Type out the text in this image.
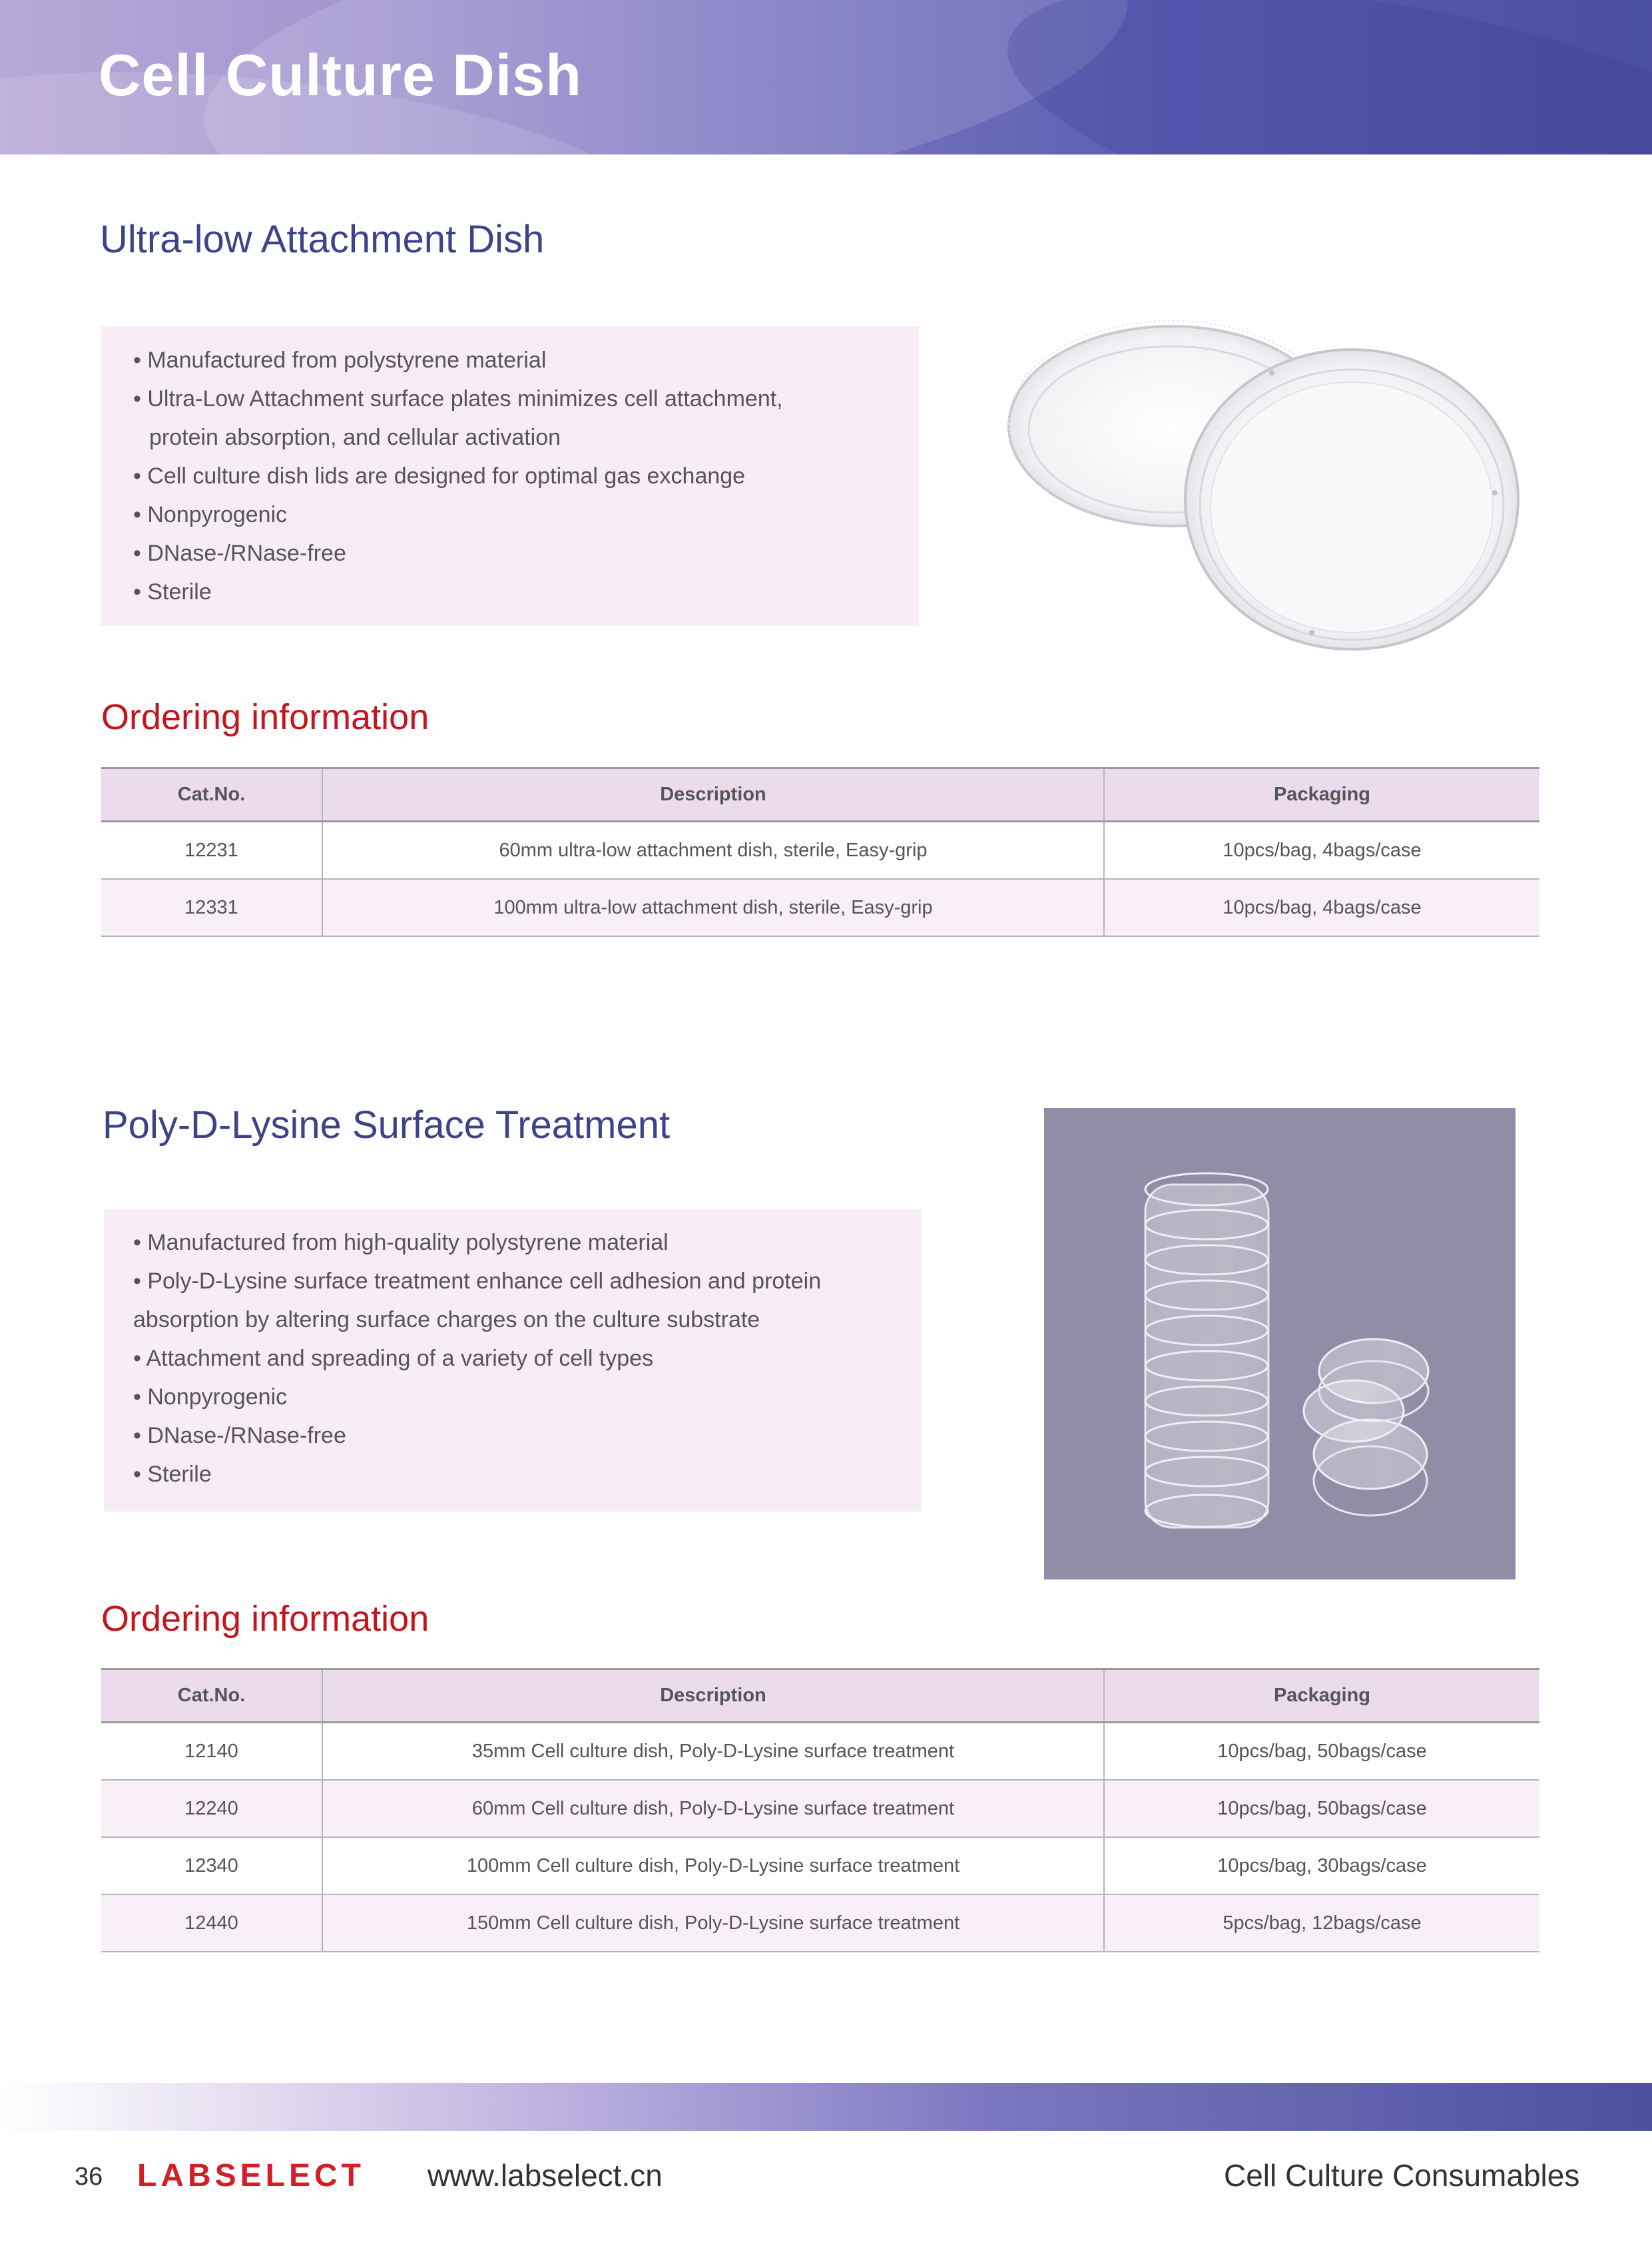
Cell Culture Dish
Ultra-low Attachment Dish
• Manufactured from polystyrene material
• Ultra-Low Attachment surface plates minimizes cell attachment,
protein absorption, and cellular activation
• Cell culture dish lids are designed for optimal gas exchange
• Nonpyrogenic
• DNase-/RNase-free
• Sterile
Ordering information
Cat.No.	Description	Packaging
12231	60mm ultra-low attachment dish, sterile, Easy-grip	10pcs/bag, 4bags/case
12331	100mm ultra-low attachment dish, sterile, Easy-grip	10pcs/bag, 4bags/case
Poly-D-Lysine Surface Treatment
• Manufactured from high-quality polystyrene material
• Poly-D-Lysine surface treatment enhance cell adhesion and protein
absorption by altering surface charges on the culture substrate
• Attachment and spreading of a variety of cell types
• Nonpyrogenic
• DNase-/RNase-free
• Sterile
Ordering information
Cat.No.	Description	Packaging
12140	35mm Cell culture dish, Poly-D-Lysine surface treatment	10pcs/bag, 50bags/case
12240	60mm Cell culture dish, Poly-D-Lysine surface treatment	10pcs/bag, 50bags/case
12340	100mm Cell culture dish, Poly-D-Lysine surface treatment	10pcs/bag, 30bags/case
12440	150mm Cell culture dish, Poly-D-Lysine surface treatment	5pcs/bag, 12bags/case
36 LABSELECT www.labselect.cn	Cell Culture Consumables
